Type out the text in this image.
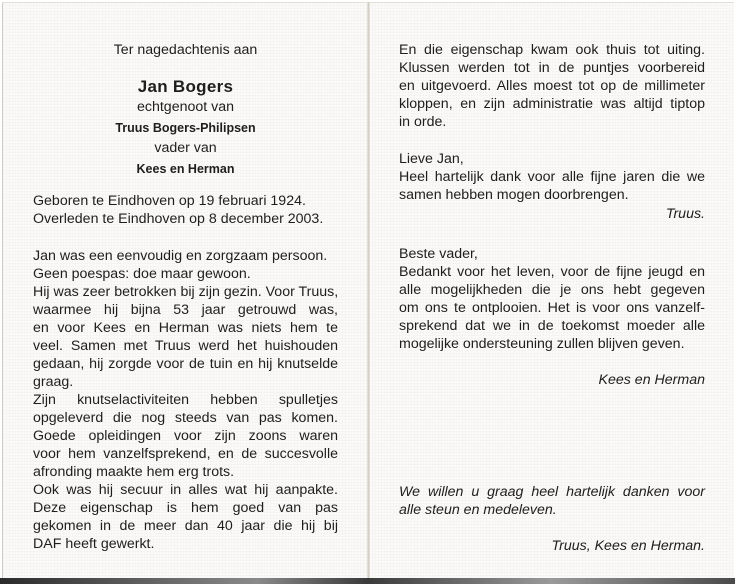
Ter nagedachtenis aan
Jan Bogers
echtgenoot van
Truus Bogers-Philipsen
vader van
Kees en Herman
Geboren te Eindhoven op 19 februari 1924.
Overleden te Eindhoven op 8 december 2003.
Jan was een eenvoudig en zorgzaam persoon.
Geen poespas: doe maar gewoon.
Hij was zeer betrokken bij zijn gezin. Voor Truus,
waarmee hij bijna 53 jaar getrouwd was,
en voor Kees en Herman was niets hem te
veel. Samen met Truus werd het huishouden
gedaan, hij zorgde voor de tuin en hij knutselde
graag.
Zijn knutselactiviteiten hebben spulletjes
opgeleverd die nog steeds van pas komen.
Goede opleidingen voor zijn zoons waren
voor hem vanzelfsprekend, en de succesvolle
afronding maakte hem erg trots.
Ook was hij secuur in alles wat hij aanpakte.
Deze eigenschap is hem goed van pas
gekomen in de meer dan 40 jaar die hij bij
DAF heeft gewerkt.
En die eigenschap kwam ook thuis tot uiting.
Klussen werden tot in de puntjes voorbereid
en uitgevoerd. Alles moest tot op de millimeter
kloppen, en zijn administratie was altijd tiptop
in orde.
Lieve Jan,
Heel hartelijk dank voor alle fijne jaren die we
samen hebben mogen doorbrengen.
Truus.
Beste vader,
Bedankt voor het leven, voor de fijne jeugd en
alle mogelijkheden die je ons hebt gegeven
om ons te ontplooien. Het is voor ons vanzelf-
sprekend dat we in de toekomst moeder alle
mogelijke ondersteuning zullen blijven geven.
Kees en Herman
We willen u graag heel hartelijk danken voor
alle steun en medeleven.
Truus, Kees en Herman.
